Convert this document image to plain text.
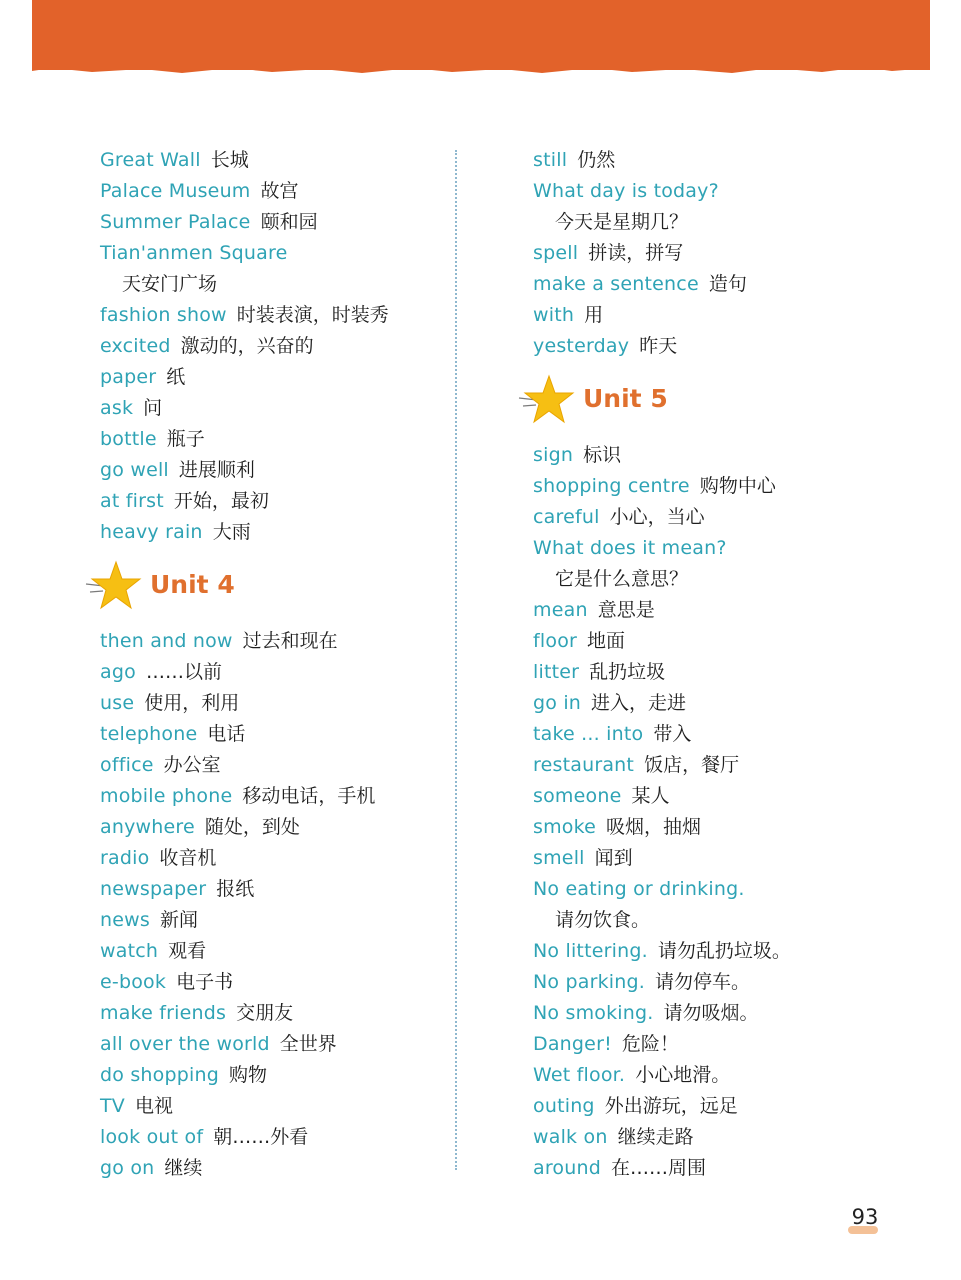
Great Wall 长城
Palace Museum 故宫
Summer Palace 颐和园
Tian'anmen Square
天安门广场
fashion show 时装表演，时装秀
excited 激动的，兴奋的
paper 纸
ask 问
bottle 瓶子
go well 进展顺利
at first 开始，最初
heavy rain 大雨
Unit 4
then and now 过去和现在
ago ……以前
use 使用，利用
telephone 电话
office 办公室
mobile phone 移动电话，手机
anywhere 随处，到处
radio 收音机
newspaper 报纸
news 新闻
watch 观看
e-book 电子书
make friends 交朋友
all over the world 全世界
do shopping 购物
TV 电视
look out of 朝……外看
go on 继续
still 仍然
What day is today?
今天是星期几？
spell 拼读，拼写
make a sentence 造句
with 用
yesterday 昨天
Unit 5
sign 标识
shopping centre 购物中心
careful 小心，当心
What does it mean?
它是什么意思？
mean 意思是
floor 地面
litter 乱扔垃圾
go in 进入，走进
take ... into 带入
restaurant 饭店，餐厅
someone 某人
smoke 吸烟，抽烟
smell 闻到
No eating or drinking.
请勿饮食。
No littering. 请勿乱扔垃圾。
No parking. 请勿停车。
No smoking. 请勿吸烟。
Danger! 危险！
Wet floor. 小心地滑。
outing 外出游玩，远足
walk on 继续走路
around 在……周围
93
